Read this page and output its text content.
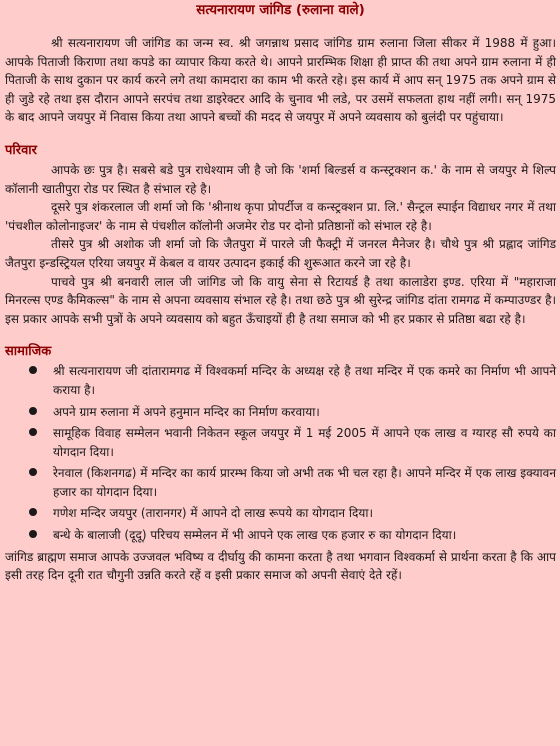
सत्यनारायण जांगिड (रुलाना वाले)

श्री सत्यनारायण जी जांगिड का जन्म स्व. श्री जगन्नाथ प्रसाद जांगिड ग्राम रुलाना जिला सीकर में 1988 में हुआ। आपके पिताजी किराणा तथा कपडे का व्यापार किया करते थे। आपने प्रारम्भिक शिक्षा ही प्राप्त की तथा अपने ग्राम रुलाना में ही पिताजी के साथ दुकान पर कार्य करने लगे तथा कामदारा का काम भी करते रहे। इस कार्य में आप सन् 1975 तक अपने ग्राम से ही जुडे रहे तथा इस दौरान आपने सरपंच तथा डाइरेक्टर आदि के चुनाव भी लडे, पर उसमें सफलता हाथ नहीं लगी। सन् 1975 के बाद आपने जयपुर में निवास किया तथा आपने बच्चों की मदद से जयपुर में अपने व्यवसाय को बुलंदी पर पहुंचाया।

परिवार

आपके छः पुत्र है। सबसे बडे पुत्र राधेश्याम जी है जो कि 'शर्मा बिल्डर्स व कन्स्ट्रक्शन क.' के नाम से जयपुर मे शिल्प कॉलानी खातीपुरा रोड पर स्थित है संभाल रहे है।

दूसरे पुत्र शंकरलाल जी शर्मा जो कि 'श्रीनाथ कृपा प्रोपर्टीज व कन्स्ट्रक्शन प्रा. लि.' सैन्ट्रल स्पाईन विद्याधर नगर में तथा 'पंचशील कोलोनाइजर' के नाम से पंचशील कॉलोनी अजमेर रोड पर दोनो प्रतिष्ठानों को संभाल रहे है।

तीसरे पुत्र श्री अशोक जी शर्मा जो कि जैतपुरा में पारले जी फैक्ट्री में जनरल मैनेजर है। चौथे पुत्र श्री प्रह्लाद जांगिड जैतपुरा इन्डस्ट्रियल एरिया जयपुर में केबल व वायर उत्पादन इकाई की शुरूआत करने जा रहे है।

पाचवे पुत्र श्री बनवारी लाल जी जांगिड जो कि वायु सेना से रिटायर्ड है तथा कालाडेरा इण्ड. एरिया में "महाराजा मिनरल्स एण्ड कैमिकल्स" के नाम से अपना व्यवसाय संभाल रहे है। तथा छठे पुत्र श्री सुरेन्द्र जांगिड दांता रामगढ में कम्पाउण्डर है। इस प्रकार आपके सभी पुत्रों के अपने व्यवसाय को बहुत ऊँचाइयों ही है तथा समाज को भी हर प्रकार से प्रतिष्ठा बढा रहे है।

सामाजिक
श्री सत्यनारायण जी दांतारामगढ में विश्वकर्मा मन्दिर के अध्यक्ष रहे है तथा मन्दिर में एक कमरे का निर्माण भी आपने कराया है।
अपने ग्राम रुलाना में अपने हनुमान मन्दिर का निर्माण करवाया।
सामूहिक विवाह सम्मेलन भवानी निकेतन स्कूल जयपुर में 1 मई 2005 में आपने एक लाख व ग्यारह सौ रुपये का योगदान दिया।
रेनवाल (किशनगढ) में मन्दिर का कार्य प्रारम्भ किया जो अभी तक भी चल रहा है। आपने मन्दिर में एक लाख इक्यावन हजार का योगदान दिया।
गणेश मन्दिर जयपुर (तारानगर) में आपने दो लाख रूपये का योगदान दिया।
बन्धे के बालाजी (दूदू) परिचय सम्मेलन में भी आपने एक लाख एक हजार रु का योगदान दिया।

जांगिड ब्राह्मण समाज आपके उज्जवल भविष्य व दीर्घायु की कामना करता है तथा भगवान विश्वकर्मा से प्रार्थना करता है कि आप इसी तरह दिन दूनी रात चौगुनी उन्नति करते रहें व इसी प्रकार समाज को अपनी सेवाएं देते रहें।
